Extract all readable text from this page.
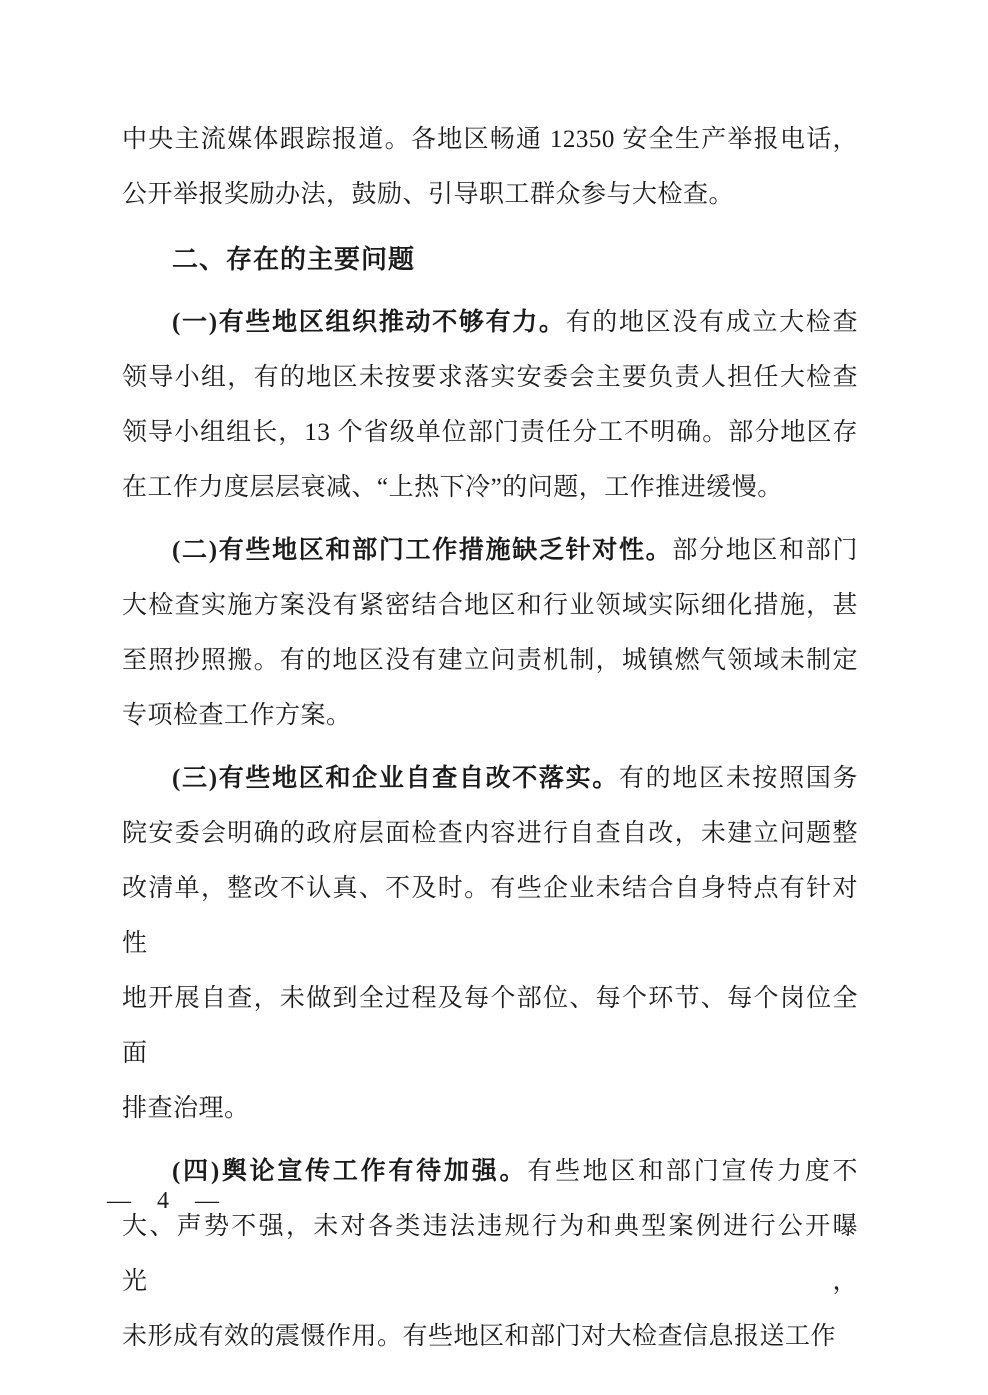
中央主流媒体跟踪报道。各地区畅通 12350 安全生产举报电话，
公开举报奖励办法，鼓励、引导职工群众参与大检查。
二、存在的主要问题
(一)有些地区组织推动不够有力。有的地区没有成立大检查
领导小组，有的地区未按要求落实安委会主要负责人担任大检查
领导小组组长，13 个省级单位部门责任分工不明确。部分地区存
在工作力度层层衰减、“上热下冷”的问题，工作推进缓慢。
(二)有些地区和部门工作措施缺乏针对性。部分地区和部门
大检查实施方案没有紧密结合地区和行业领域实际细化措施，甚
至照抄照搬。有的地区没有建立问责机制，城镇燃气领域未制定
专项检查工作方案。
(三)有些地区和企业自查自改不落实。有的地区未按照国务
院安委会明确的政府层面检查内容进行自查自改，未建立问题整
改清单，整改不认真、不及时。有些企业未结合自身特点有针对性
地开展自查，未做到全过程及每个部位、每个环节、每个岗位全面
排查治理。
(四)舆论宣传工作有待加强。有些地区和部门宣传力度不
大、声势不强，未对各类违法违规行为和典型案例进行公开曝光，
未形成有效的震慑作用。有些地区和部门对大检查信息报送工作
— 4 —
